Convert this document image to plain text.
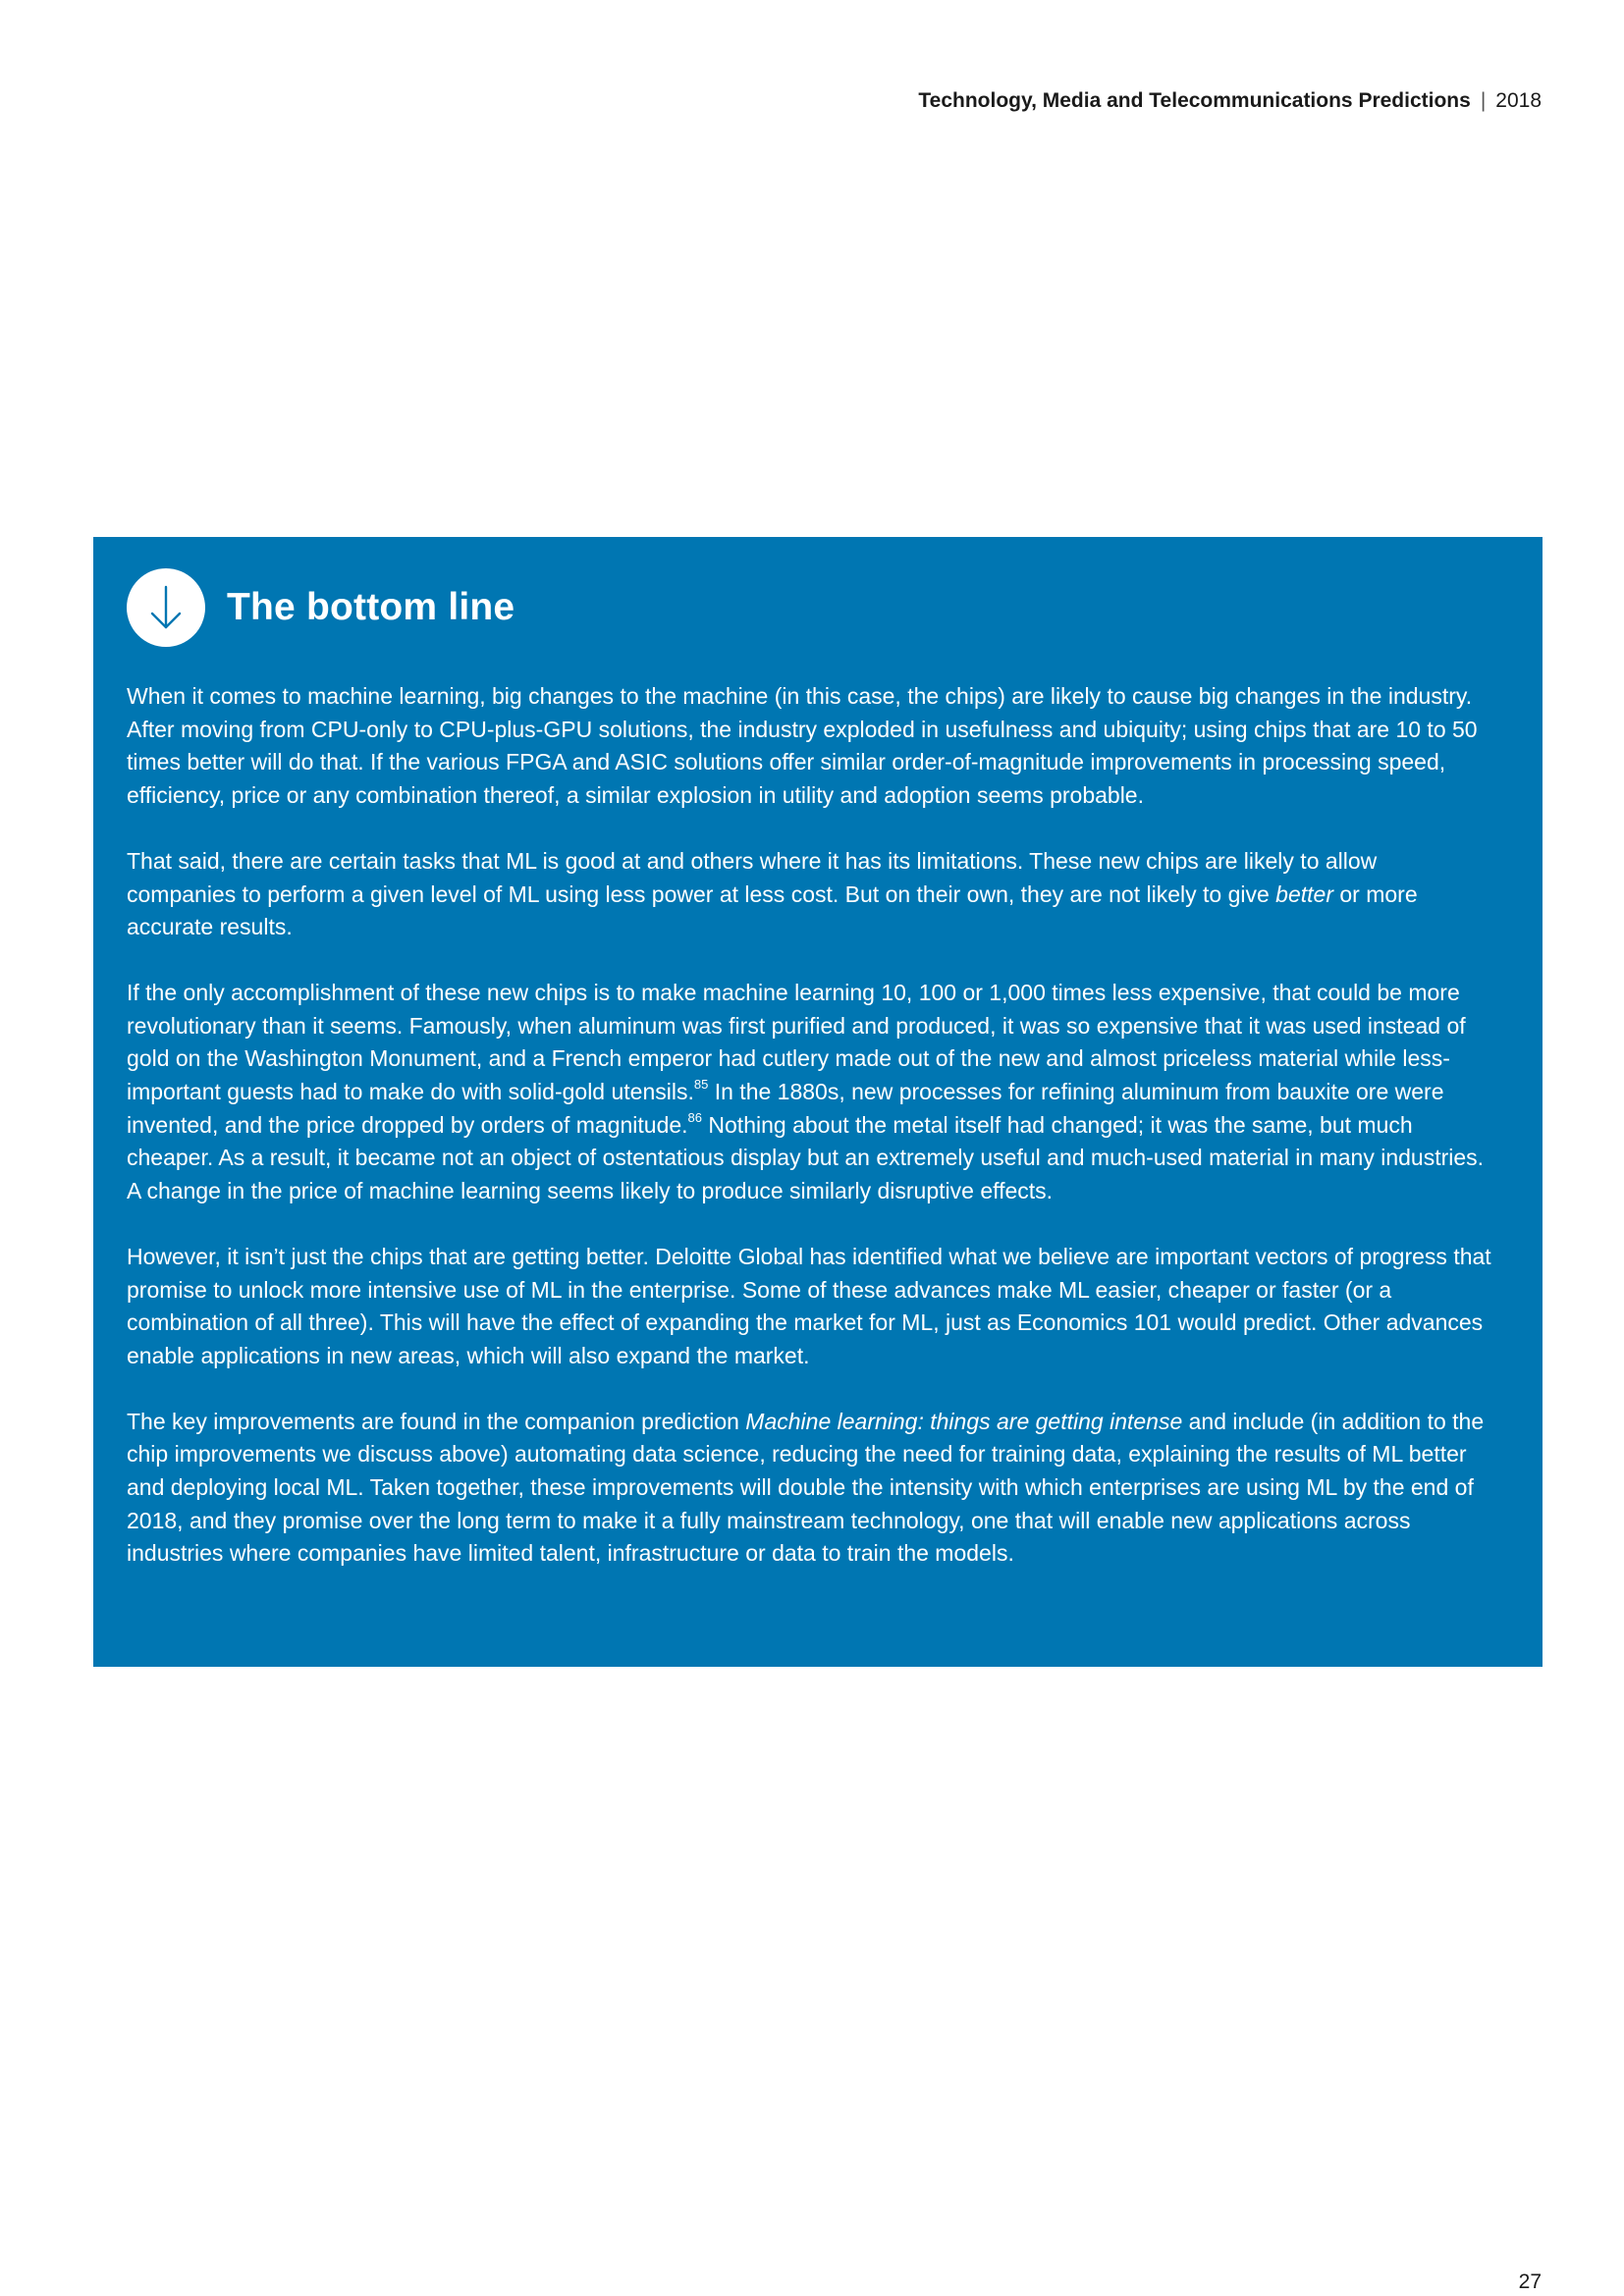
Technology, Media and Telecommunications Predictions | 2018
The bottom line

When it comes to machine learning, big changes to the machine (in this case, the chips) are likely to cause big changes in the industry. After moving from CPU-only to CPU-plus-GPU solutions, the industry exploded in usefulness and ubiquity; using chips that are 10 to 50 times better will do that. If the various FPGA and ASIC solutions offer similar order-of-magnitude improvements in processing speed, efficiency, price or any combination thereof, a similar explosion in utility and adoption seems probable.

That said, there are certain tasks that ML is good at and others where it has its limitations. These new chips are likely to allow companies to perform a given level of ML using less power at less cost. But on their own, they are not likely to give better or more accurate results.

If the only accomplishment of these new chips is to make machine learning 10, 100 or 1,000 times less expensive, that could be more revolutionary than it seems. Famously, when aluminum was first purified and produced, it was so expensive that it was used instead of gold on the Washington Monument, and a French emperor had cutlery made out of the new and almost priceless material while less-important guests had to make do with solid-gold utensils.$^{85}$ In the 1880s, new processes for refining aluminum from bauxite ore were invented, and the price dropped by orders of magnitude.$^{86}$ Nothing about the metal itself had changed; it was the same, but much cheaper. As a result, it became not an object of ostentatious display but an extremely useful and much-used material in many industries. A change in the price of machine learning seems likely to produce similarly disruptive effects.

However, it isn’t just the chips that are getting better. Deloitte Global has identified what we believe are important vectors of progress that promise to unlock more intensive use of ML in the enterprise. Some of these advances make ML easier, cheaper or faster (or a combination of all three). This will have the effect of expanding the market for ML, just as Economics 101 would predict. Other advances enable applications in new areas, which will also expand the market.

The key improvements are found in the companion prediction Machine learning: things are getting intense and include (in addition to the chip improvements we discuss above) automating data science, reducing the need for training data, explaining the results of ML better and deploying local ML. Taken together, these improvements will double the intensity with which enterprises are using ML by the end of 2018, and they promise over the long term to make it a fully mainstream technology, one that will enable new applications across industries where companies have limited talent, infrastructure or data to train the models.

27
